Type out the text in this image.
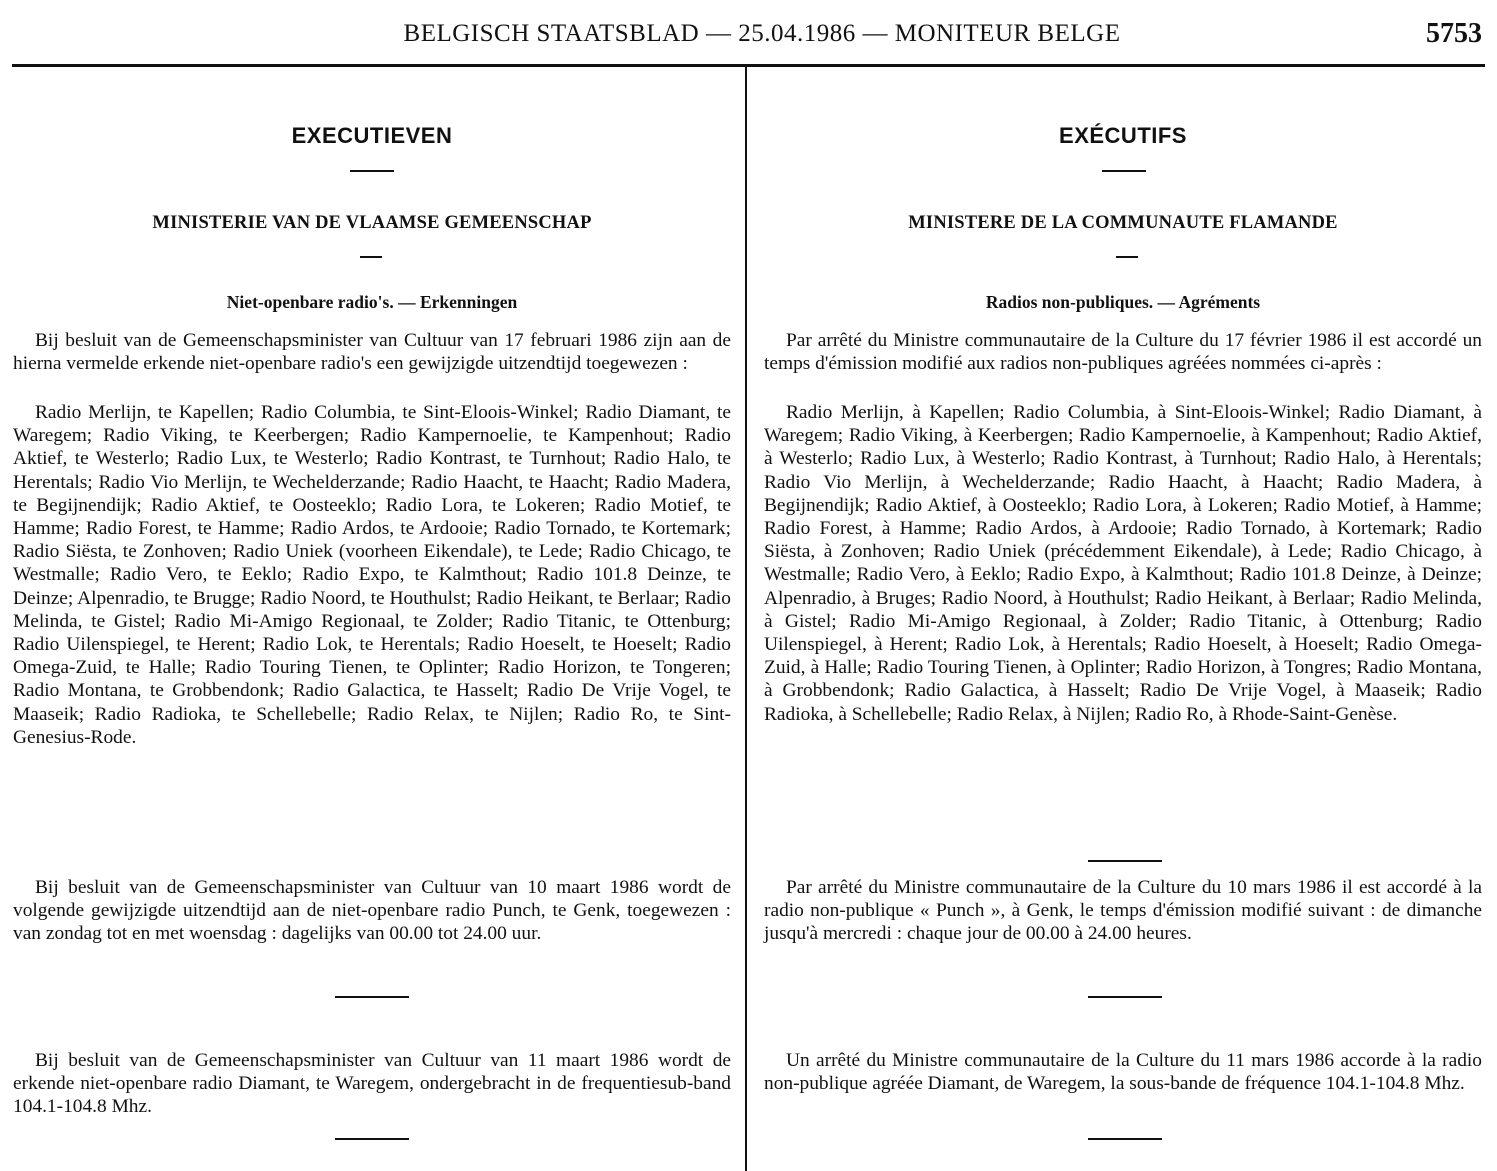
BELGISCH STAATSBLAD — 25.04.1986 — MONITEUR BELGE	5753
EXECUTIEVEN
MINISTERIE VAN DE VLAAMSE GEMEENSCHAP
Niet-openbare radio's. — Erkenningen

Bij besluit van de Gemeenschapsminister van Cultuur van 17 februari 1986 zijn aan de hierna vermelde erkende niet-openbare radio's een gewijzigde uitzendtijd toegewezen :

Radio Merlijn, te Kapellen; Radio Columbia, te Sint-Eloois-Winkel; Radio Diamant, te Waregem; Radio Viking, te Keerbergen; Radio Kampernoelie, te Kampenhout; Radio Aktief, te Westerlo; Radio Lux, te Westerlo; Radio Kontrast, te Turnhout; Radio Halo, te Herentals; Radio Vio Merlijn, te Wechelderzande; Radio Haacht, te Haacht; Radio Madera, te Begijnendijk; Radio Aktief, te Oosteeklo; Radio Lora, te Lokeren; Radio Motief, te Hamme; Radio Forest, te Hamme; Radio Ardos, te Ardooie; Radio Tornado, te Kortemark; Radio Siësta, te Zonhoven; Radio Uniek (voorheen Eikendale), te Lede; Radio Chicago, te Westmalle; Radio Vero, te Eeklo; Radio Expo, te Kalmthout; Radio 101.8 Deinze, te Deinze; Alpenradio, te Brugge; Radio Noord, te Houthulst; Radio Heikant, te Berlaar; Radio Melinda, te Gistel; Radio Mi-Amigo Regionaal, te Zolder; Radio Titanic, te Ottenburg; Radio Uilenspiegel, te Herent; Radio Lok, te Herentals; Radio Hoeselt, te Hoeselt; Radio Omega-Zuid, te Halle; Radio Touring Tienen, te Oplinter; Radio Horizon, te Tongeren; Radio Montana, te Grobbendonk; Radio Galactica, te Hasselt; Radio De Vrije Vogel, te Maaseik; Radio Radioka, te Schellebelle; Radio Relax, te Nijlen; Radio Ro, te Sint-Genesius-Rode.

Bij besluit van de Gemeenschapsminister van Cultuur van 10 maart 1986 wordt de volgende gewijzigde uitzendtijd aan de niet-openbare radio Punch, te Genk, toegewezen : van zondag tot en met woensdag : dagelijks van 00.00 tot 24.00 uur.

Bij besluit van de Gemeenschapsminister van Cultuur van 11 maart 1986 wordt de erkende niet-openbare radio Diamant, te Waregem, ondergebracht in de frequentiesub-band 104.1-104.8 Mhz.

EXÉCUTIFS
MINISTERE DE LA COMMUNAUTE FLAMANDE
Radios non-publiques. — Agréments

Par arrêté du Ministre communautaire de la Culture du 17 février 1986 il est accordé un temps d'émission modifié aux radios non-publiques agréées nommées ci-après :

Radio Merlijn, à Kapellen; Radio Columbia, à Sint-Eloois-Winkel; Radio Diamant, à Waregem; Radio Viking, à Keerbergen; Radio Kampernoelie, à Kampenhout; Radio Aktief, à Westerlo; Radio Lux, à Westerlo; Radio Kontrast, à Turnhout; Radio Halo, à Herentals; Radio Vio Merlijn, à Wechelderzande; Radio Haacht, à Haacht; Radio Madera, à Begijnendijk; Radio Aktief, à Oosteeklo; Radio Lora, à Lokeren; Radio Motief, à Hamme; Radio Forest, à Hamme; Radio Ardos, à Ardooie; Radio Tornado, à Kortemark; Radio Siësta, à Zonhoven; Radio Uniek (précédemment Eikendale), à Lede; Radio Chicago, à Westmalle; Radio Vero, à Eeklo; Radio Expo, à Kalmthout; Radio 101.8 Deinze, à Deinze; Alpenradio, à Bruges; Radio Noord, à Houthulst; Radio Heikant, à Berlaar; Radio Melinda, à Gistel; Radio Mi-Amigo Regionaal, à Zolder; Radio Titanic, à Ottenburg; Radio Uilenspiegel, à Herent; Radio Lok, à Herentals; Radio Hoeselt, à Hoeselt; Radio Omega-Zuid, à Halle; Radio Touring Tienen, à Oplinter; Radio Horizon, à Tongres; Radio Montana, à Grobbendonk; Radio Galactica, à Hasselt; Radio De Vrije Vogel, à Maaseik; Radio Radioka, à Schellebelle; Radio Relax, à Nijlen; Radio Ro, à Rhode-Saint-Genèse.

Par arrêté du Ministre communautaire de la Culture du 10 mars 1986 il est accordé à la radio non-publique « Punch », à Genk, le temps d'émission modifié suivant : de dimanche jusqu'à mercredi : chaque jour de 00.00 à 24.00 heures.

Un arrêté du Ministre communautaire de la Culture du 11 mars 1986 accorde à la radio non-publique agréée Diamant, de Waregem, la sous-bande de fréquence 104.1-104.8 Mhz.
